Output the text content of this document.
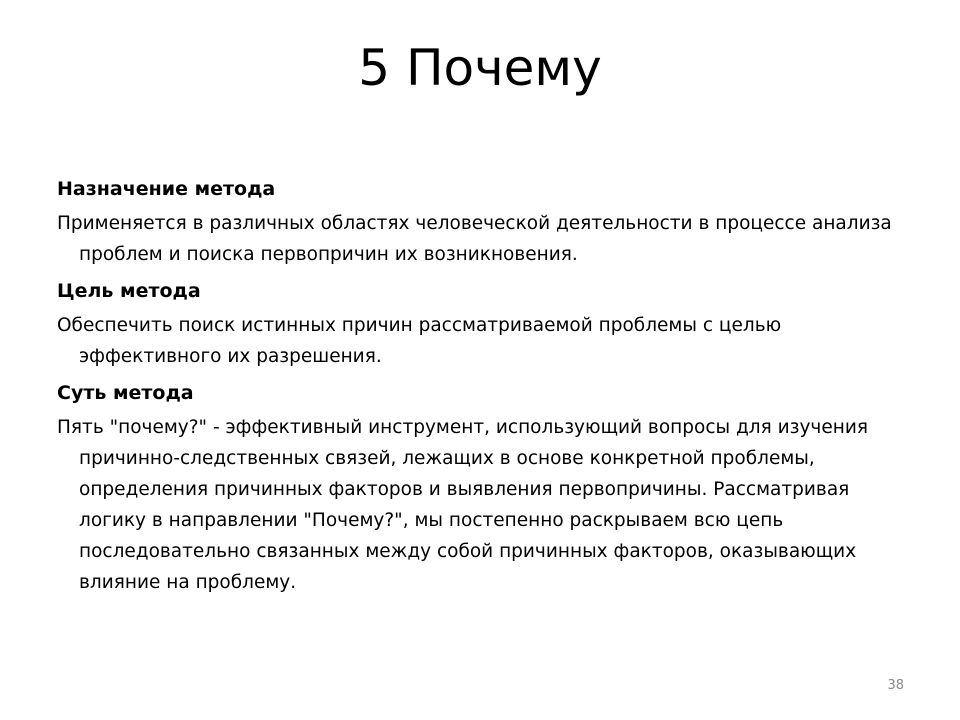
5 Почему
Назначение метода
Применяется в различных областях человеческой деятельности в процессе анализа проблем и поиска первопричин их возникновения.
Цель метода
Обеспечить поиск истинных причин рассматриваемой проблемы с целью эффективного их разрешения.
Суть метода
Пять "почему?" - эффективный инструмент, использующий вопросы для изучения причинно-следственных связей, лежащих в основе конкретной проблемы, определения причинных факторов и выявления первопричины. Рассматривая логику в направлении "Почему?", мы постепенно раскрываем всю цепь последовательно связанных между собой причинных факторов, оказывающих влияние на проблему.
38
